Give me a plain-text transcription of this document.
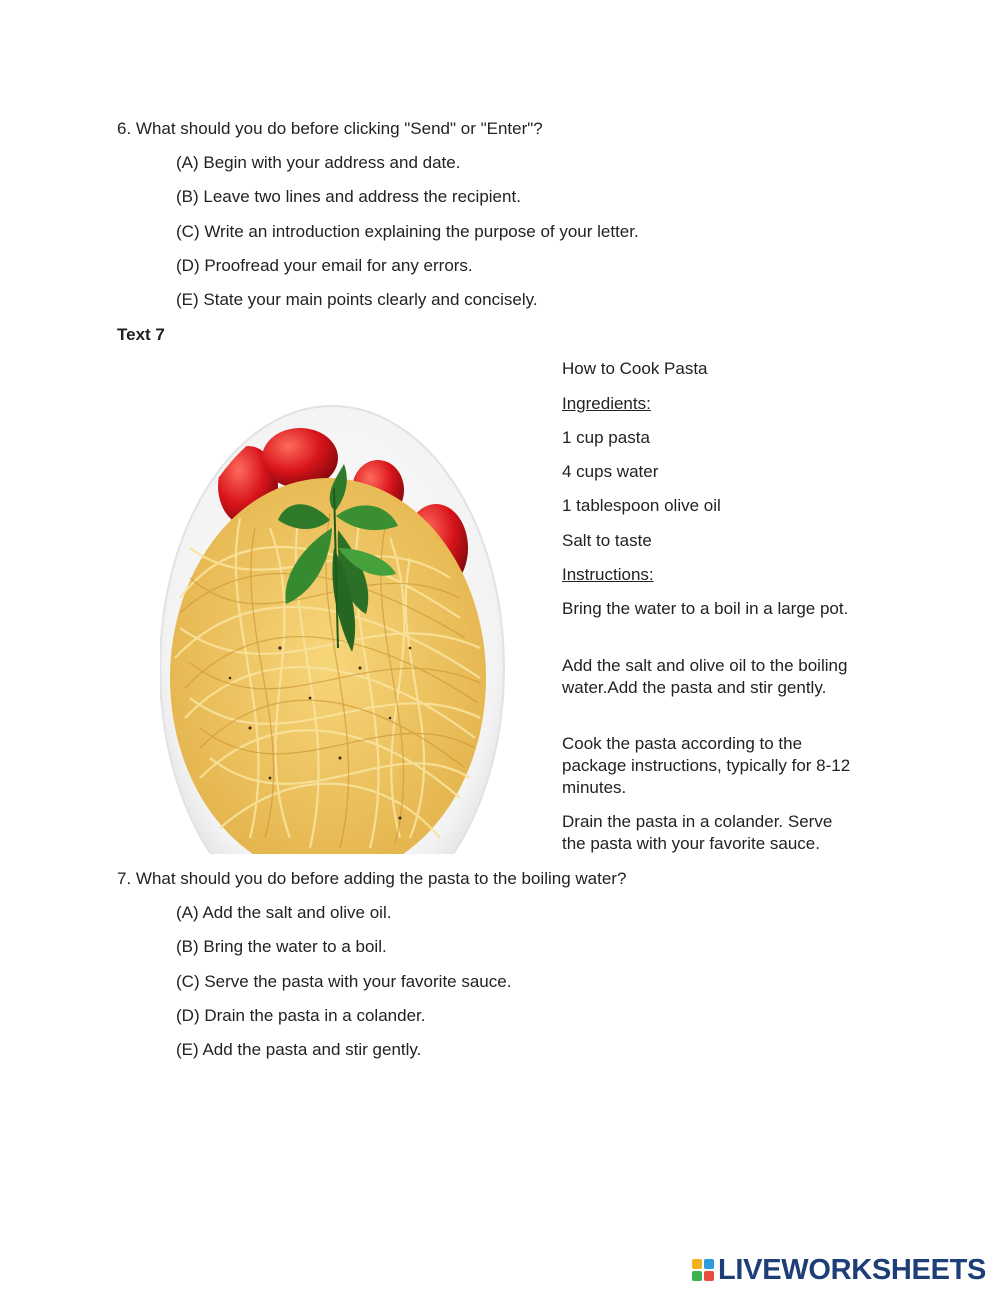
6. What should you do before clicking "Send" or "Enter"?
(A) Begin with your address and date.
(B) Leave two lines and address the recipient.
(C) Write an introduction explaining the purpose of your letter.
(D) Proofread your email for any errors.
(E) State your main points clearly and concisely.
Text 7
How to Cook Pasta
Ingredients:
1 cup pasta
4 cups water
1 tablespoon olive oil
Salt to taste
Instructions:
Bring the water to a boil in a large pot.
Add the salt and olive oil to the boiling water.Add the pasta and stir gently.
Cook the pasta according to the package instructions, typically for 8-12 minutes.
Drain the pasta in a colander. Serve the pasta with your favorite sauce.
7. What should you do before adding the pasta to the boiling water?
(A) Add the salt and olive oil.
(B) Bring the water to a boil.
(C) Serve the pasta with your favorite sauce.
(D) Drain the pasta in a colander.
(E) Add the pasta and stir gently.
LIVEWORKSHEETS
